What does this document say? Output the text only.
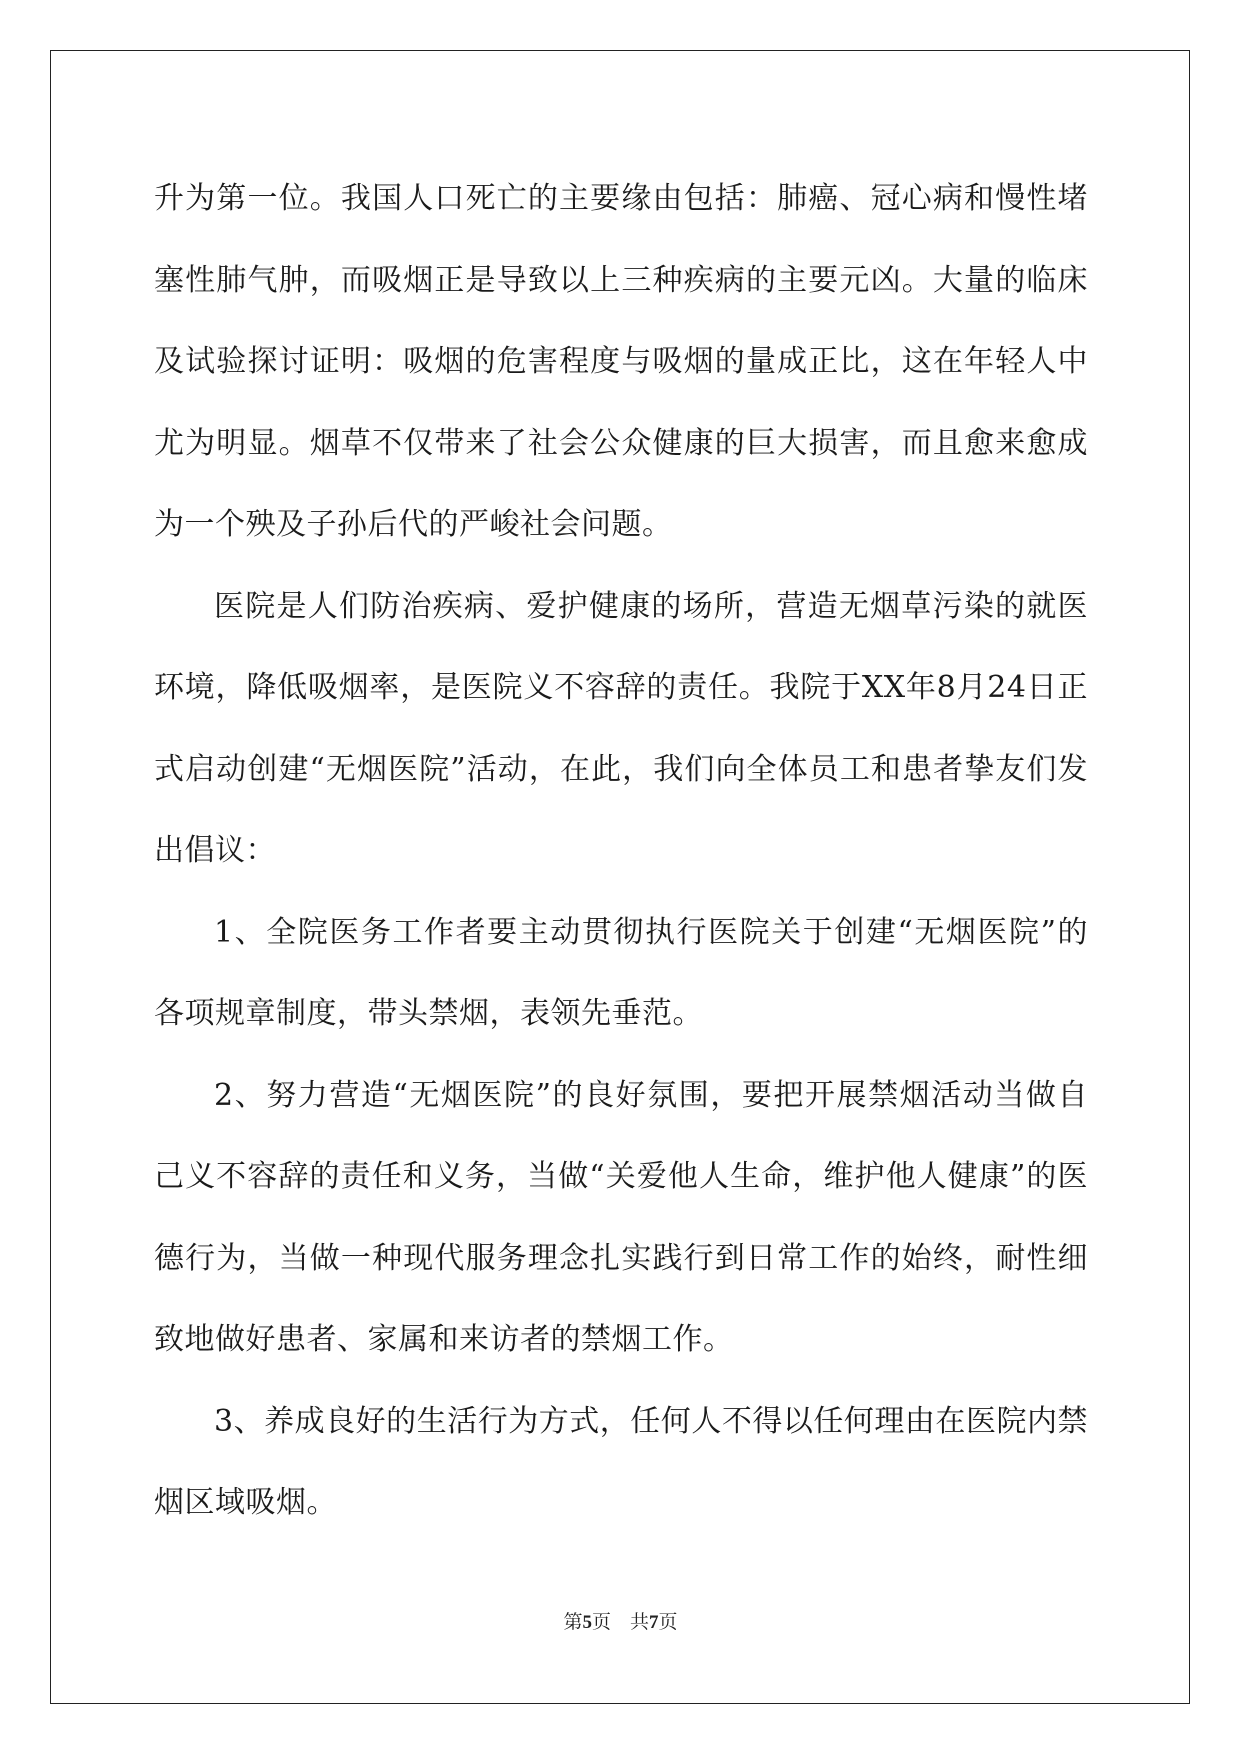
升为第一位。我国人口死亡的主要缘由包括：肺癌、冠心病和慢性堵塞性肺气肿，而吸烟正是导致以上三种疾病的主要元凶。大量的临床及试验探讨证明：吸烟的危害程度与吸烟的量成正比，这在年轻人中尤为明显。烟草不仅带来了社会公众健康的巨大损害，而且愈来愈成为一个殃及子孙后代的严峻社会问题。

医院是人们防治疾病、爱护健康的场所，营造无烟草污染的就医环境，降低吸烟率，是医院义不容辞的责任。我院于XX年8月24日正式启动创建“无烟医院”活动，在此，我们向全体员工和患者挚友们发出倡议：

1、全院医务工作者要主动贯彻执行医院关于创建“无烟医院”的各项规章制度，带头禁烟，表领先垂范。

2、努力营造“无烟医院”的良好氛围，要把开展禁烟活动当做自己义不容辞的责任和义务，当做“关爱他人生命，维护他人健康”的医德行为，当做一种现代服务理念扎实践行到日常工作的始终，耐性细致地做好患者、家属和来访者的禁烟工作。

3、养成良好的生活行为方式，任何人不得以任何理由在医院内禁烟区域吸烟。

第5页　共7页
